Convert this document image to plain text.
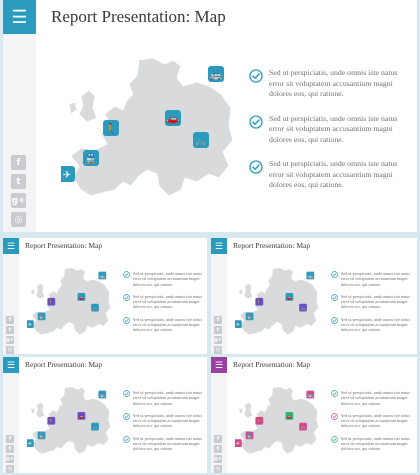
☰
f
t
g+
◎
Report Presentation: Map
🚌
🚗
🚶
🚲
🚆
✈
Sed ut perspiciatis, unde omnis iste natus error sit voluptatem accusantium magni dolores eos, qui ratione.
Sed ut perspiciatis, unde omnis iste natus error sit voluptatem accusantium magni dolores eos, qui ratione.
Sed ut perspiciatis, unde omnis iste natus error sit voluptatem accusantium magni dolores eos, qui ratione.
☰
f
t
g+
◎
Report Presentation: Map
🚌
🚗
🚶
🚲
🚆
✈
Sed ut perspiciatis, unde omnis iste natus error sit voluptatem accusantium magni dolores eos, qui ratione.
Sed ut perspiciatis, unde omnis iste natus error sit voluptatem accusantium magni dolores eos, qui ratione.
Sed ut perspiciatis, unde omnis iste natus error sit voluptatem accusantium magni dolores eos, qui ratione.
☰
f
t
g+
◎
Report Presentation: Map
🚌
🚗
🚶
🚲
🚆
✈
Sed ut perspiciatis, unde omnis iste natus error sit voluptatem accusantium magni dolores eos, qui ratione.
Sed ut perspiciatis, unde omnis iste natus error sit voluptatem accusantium magni dolores eos, qui ratione.
Sed ut perspiciatis, unde omnis iste natus error sit voluptatem accusantium magni dolores eos, qui ratione.
☰
f
t
g+
◎
Report Presentation: Map
🚌
🚗
🚶
🚲
🚆
✈
Sed ut perspiciatis, unde omnis iste natus error sit voluptatem accusantium magni dolores eos, qui ratione.
Sed ut perspiciatis, unde omnis iste natus error sit voluptatem accusantium magni dolores eos, qui ratione.
Sed ut perspiciatis, unde omnis iste natus error sit voluptatem accusantium magni dolores eos, qui ratione.
☰
f
t
g+
◎
Report Presentation: Map
🚌
🚗
🚶
🚲
🚆
✈
Sed ut perspiciatis, unde omnis iste natus error sit voluptatem accusantium magni dolores eos, qui ratione.
Sed ut perspiciatis, unde omnis iste natus error sit voluptatem accusantium magni dolores eos, qui ratione.
Sed ut perspiciatis, unde omnis iste natus error sit voluptatem accusantium magni dolores eos, qui ratione.
